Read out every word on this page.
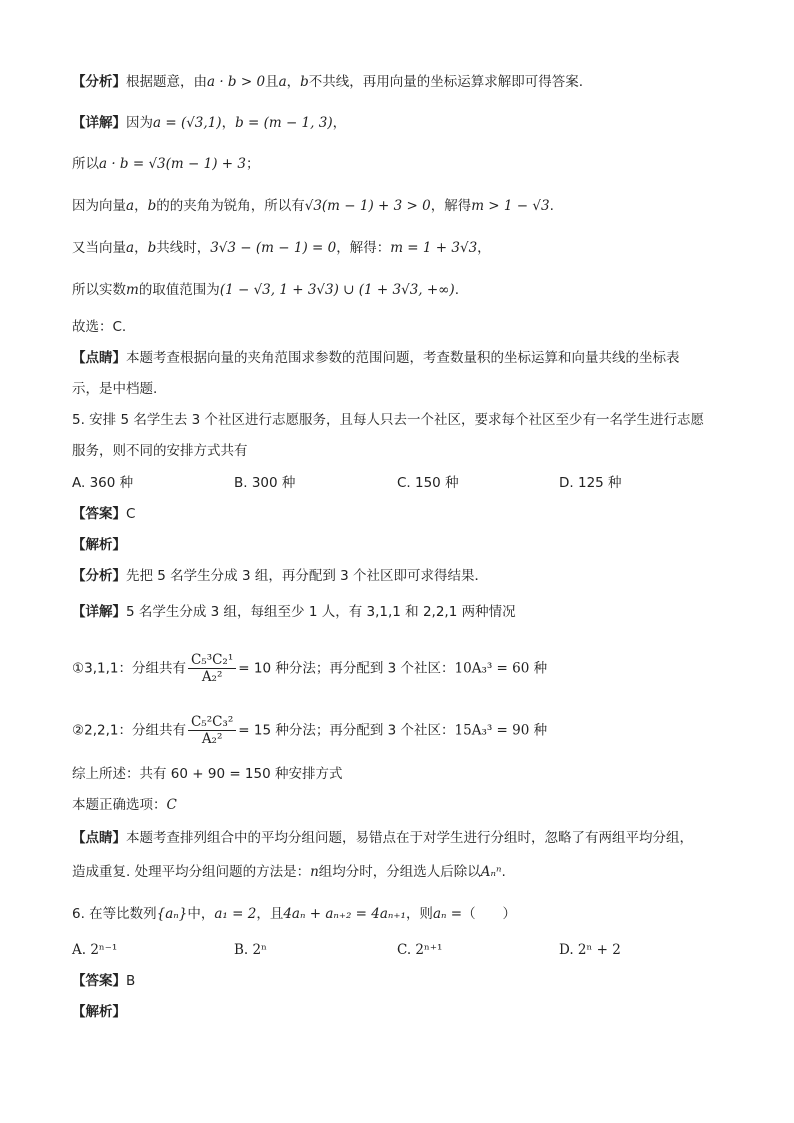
【分析】根据题意，由a · b > 0且a，b不共线，再用向量的坐标运算求解即可得答案.
【详解】因为a = (√3,1)，b = (m − 1, 3)，
所以a · b = √3(m − 1) + 3；
因为向量a，b的的夹角为锐角，所以有√3(m − 1) + 3 > 0，解得m > 1 − √3.
又当向量a，b共线时，3√3 − (m − 1) = 0，解得：m = 1 + 3√3，
所以实数m的取值范围为(1 − √3, 1 + 3√3) ∪ (1 + 3√3, +∞).
故选：C.
【点睛】本题考查根据向量的夹角范围求参数的范围问题，考查数量积的坐标运算和向量共线的坐标表
示，是中档题.
5. 安排 5 名学生去 3 个社区进行志愿服务，且每人只去一个社区，要求每个社区至少有一名学生进行志愿
服务，则不同的安排方式共有
A. 360 种	B. 300 种	C. 150 种	D. 125 种
【答案】C
【解析】
【分析】先把 5 名学生分成 3 组，再分配到 3 个社区即可求得结果．
【详解】5 名学生分成 3 组，每组至少 1 人，有 3,1,1 和 2,2,1 两种情况
①3,1,1：分组共有 $\frac{\text{C₅³C₂¹}}{\text{A₂²}} = 10$ 种分法；再分配到 3 个社区：10A₃³ = 60 种
②2,2,1：分组共有 $\frac{\text{C₅²C₃²}}{\text{A₂²}} = 15$ 种分法；再分配到 3 个社区：15A₃³ = 90 种
综上所述：共有 60 + 90 = 150 种安排方式
本题正确选项：C
【点睛】本题考查排列组合中的平均分组问题，易错点在于对学生进行分组时，忽略了有两组平均分组，
造成重复. 处理平均分组问题的方法是：n组均分时，分组选人后除以Aₙⁿ.
6. 在等比数列{aₙ}中，a₁ = 2，且4aₙ + aₙ₊₂ = 4aₙ₊₁，则aₙ =（　　）
A. 2ⁿ⁻¹	B. 2ⁿ	C. 2ⁿ⁺¹	D. 2ⁿ + 2
【答案】B
【解析】
